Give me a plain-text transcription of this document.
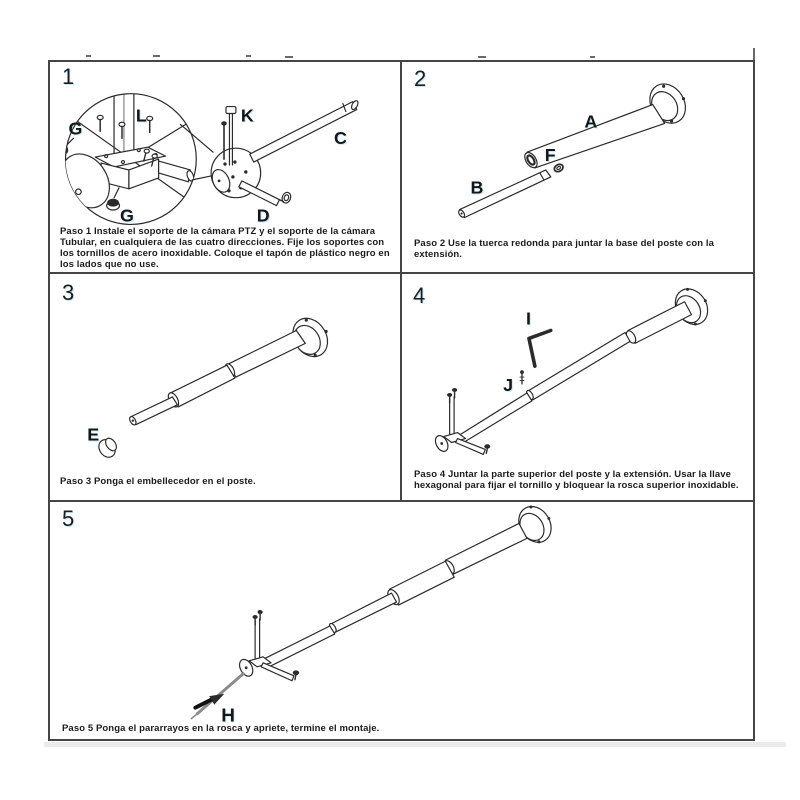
1
G
L	K
C
D
G
Paso 1 Instale el soporte de la cámara PTZ y el soporte de la cámara Tubular, en cualquiera de las cuatro direcciones. Fije los soportes con los tornillos de acero inoxidable. Coloque el tapón de plástico negro en los lados que no use.
2
A
F
B
Paso 2 Use la tuerca redonda para juntar la base del poste con la extensión.
3
E
Paso 3 Ponga el embellecedor en el poste.
4
I
J
Paso 4 Juntar la parte superior del poste y la extensión. Usar la llave hexagonal para fijar el tornillo y bloquear la rosca superior inoxidable.
5
H
Paso 5 Ponga el pararrayos en la rosca y apriete, termine el montaje.
